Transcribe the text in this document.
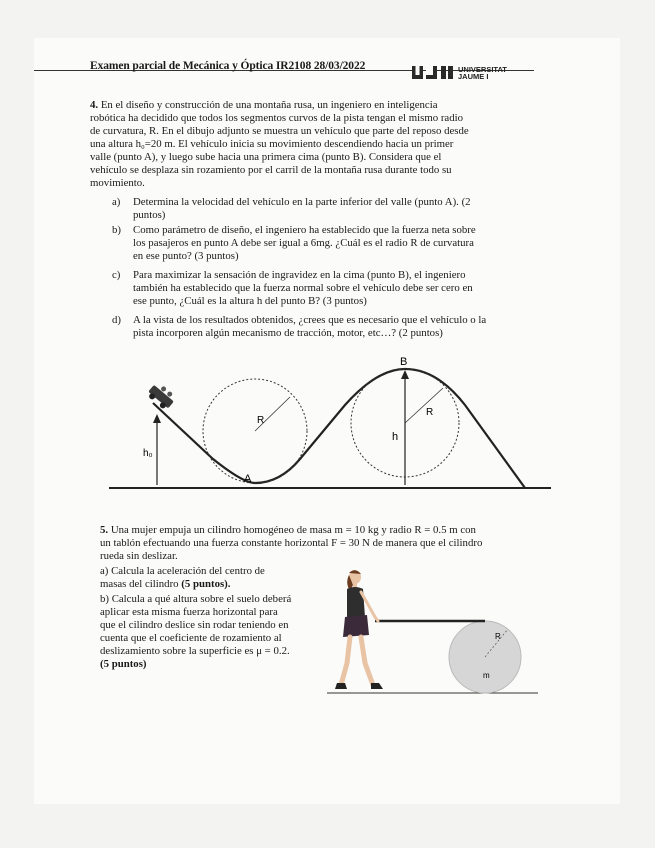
Examen parcial de Mecánica y Óptica IR2108 28/03/2022	UNIVERSITAT
JAUME I
4. En el diseño y construcción de una montaña rusa, un ingeniero en inteligencia
robótica ha decidido que todos los segmentos curvos de la pista tengan el mismo radio
de curvatura, R. En el dibujo adjunto se muestra un vehículo que parte del reposo desde
una altura h₀=20 m. El vehículo inicia su movimiento descendiendo hacia un primer
valle (punto A), y luego sube hacia una primera cima (punto B). Considera que el
vehículo se desplaza sin rozamiento por el carril de la montaña rusa durante todo su
movimiento.
a) Determina la velocidad del vehículo en la parte inferior del valle (punto A). (2
puntos)
b) Como parámetro de diseño, el ingeniero ha establecido que la fuerza neta sobre
los pasajeros en punto A debe ser igual a 6mg. ¿Cuál es el radio R de curvatura
en ese punto? (3 puntos)
c) Para maximizar la sensación de ingravidez en la cima (punto B), el ingeniero
también ha establecido que la fuerza normal sobre el vehículo debe ser cero en
ese punto, ¿Cuál es la altura h del punto B? (3 puntos)
d) A la vista de los resultados obtenidos, ¿crees que es necesario que el vehículo o la
pista incorporen algún mecanismo de tracción, motor, etc…? (2 puntos)
B
A
R
R
h
h₀
5. Una mujer empuja un cilindro homogéneo de masa m = 10 kg y radio R = 0.5 m con
un tablón efectuando una fuerza constante horizontal F = 30 N de manera que el cilindro
rueda sin deslizar.
a) Calcula la aceleración del centro de
masas del cilindro (5 puntos).
b) Calcula a qué altura sobre el suelo deberá
aplicar esta misma fuerza horizontal para
que el cilindro deslice sin rodar teniendo en
cuenta que el coeficiente de rozamiento al
deslizamiento sobre la superficie es μ = 0.2.
(5 puntos)
R
m
